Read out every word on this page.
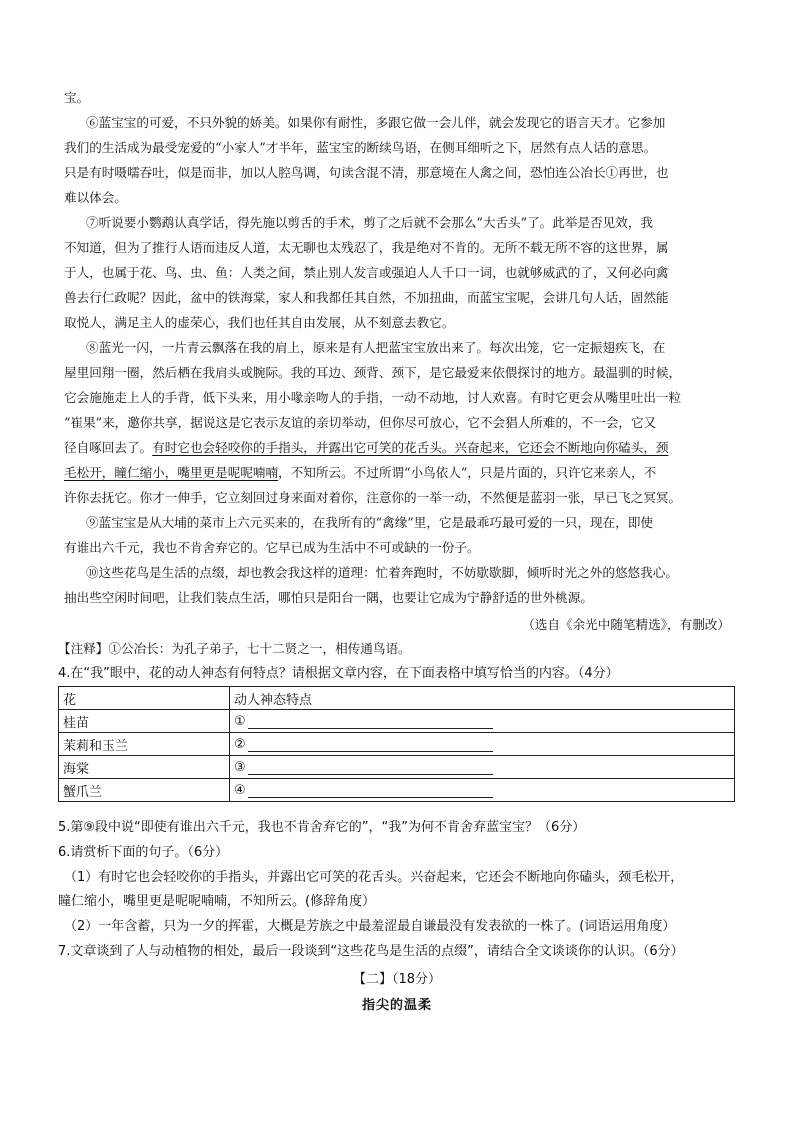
宝。
⑥蓝宝宝的可爱，不只外貌的娇美。如果你有耐性，多跟它做一会儿伴，就会发现它的语言天才。它参加
我们的生活成为最受宠爱的“小家人”才半年，蓝宝宝的断续鸟语，在侧耳细听之下，居然有点人话的意思。
只是有时嗫嚅吞吐，似是而非，加以人腔鸟调，句读含混不清，那意境在人禽之间，恐怕连公冶长①再世，也
难以体会。
⑦听说要小鹦鹉认真学话，得先施以剪舌的手术，剪了之后就不会那么“大舌头”了。此举是否见效，我
不知道，但为了推行人语而违反人道，太无聊也太残忍了，我是绝对不肯的。无所不载无所不容的这世界，属
于人，也属于花、鸟、虫、鱼：人类之间，禁止别人发言或强迫人人千口一词，也就够威武的了，又何必向禽
兽去行仁政呢？因此，盆中的铁海棠，家人和我都任其自然，不加扭曲，而蓝宝宝呢，会讲几句人话，固然能
取悦人，满足主人的虚荣心，我们也任其自由发展，从不刻意去教它。
⑧蓝光一闪，一片青云飘落在我的肩上，原来是有人把蓝宝宝放出来了。每次出笼，它一定振翅疾飞，在
屋里回翔一圈，然后栖在我肩头或腕际。我的耳边、颈背、颈下，是它最爱来依偎探讨的地方。最温驯的时候，
它会施施走上人的手背，低下头来，用小喙亲吻人的手指，一动不动地，讨人欢喜。有时它更会从嘴里吐出一粒
“崔果”来，邀你共享，据说这是它表示友谊的亲切举动，但你尽可放心，它不会猖人所难的，不一会，它又
径自啄回去了。有时它也会轻咬你的手指头，并露出它可笑的花舌头。兴奋起来，它还会不断地向你磕头，颈
毛松开，瞳仁缩小，嘴里更是呢呢喃喃，不知所云。不过所谓“小鸟依人”，只是片面的，只许它来亲人，不
许你去抚它。你才一伸手，它立刻回过身来面对着你，注意你的一举一动，不然便是蓝羽一张，早已飞之冥冥。
⑨蓝宝宝是从大埔的菜市上六元买来的，在我所有的“禽缘”里，它是最乖巧最可爱的一只，现在，即使
有谁出六千元，我也不肯舍弃它的。它早已成为生活中不可或缺的一份子。
⑩这些花鸟是生活的点缀，却也教会我这样的道理：忙着奔跑时，不妨歇歇脚，倾听时光之外的悠悠我心。
抽出些空闲时间吧，让我们装点生活，哪怕只是阳台一隅，也要让它成为宁静舒适的世外桃源。
（选自《余光中随笔精选》，有删改）
【注释】①公冶长：为孔子弟子，七十二贤之一，相传通鸟语。
4.在“我”眼中，花的动人神态有何特点？请根据文章内容，在下面表格中填写恰当的内容。（4分）
花	动人神态特点
桂苗	①
茉莉和玉兰	②
海棠	③
蟹爪兰	④
5.第⑨段中说“即使有谁出六千元，我也不肯舍弃它的”，“我”为何不肯舍弃蓝宝宝？（6分）
6.请赏析下面的句子。（6分）
（1）有时它也会轻咬你的手指头，并露出它可笑的花舌头。兴奋起来，它还会不断地向你磕头，颈毛松开，
瞳仁缩小，嘴里更是呢呢喃喃，不知所云。(修辞角度）
（2）一年含蓄，只为一夕的挥霍，大概是芳族之中最羞涩最自谦最没有发表欲的一株了。(词语运用角度）
7.文章谈到了人与动植物的相处，最后一段谈到“这些花鸟是生活的点缀”，请结合全文谈谈你的认识。（6分）
【二】（18分）
指尖的温柔
